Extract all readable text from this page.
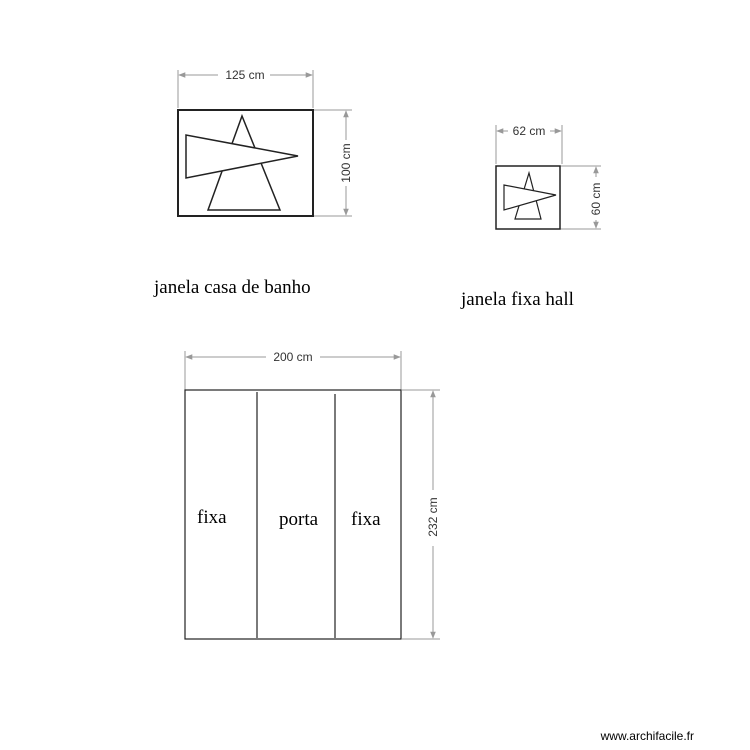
125 cm
100 cm
janela casa de banho
62 cm
60 cm
janela fixa hall
200 cm
232 cm
fixa	porta fixa
www.archifacile.fr
